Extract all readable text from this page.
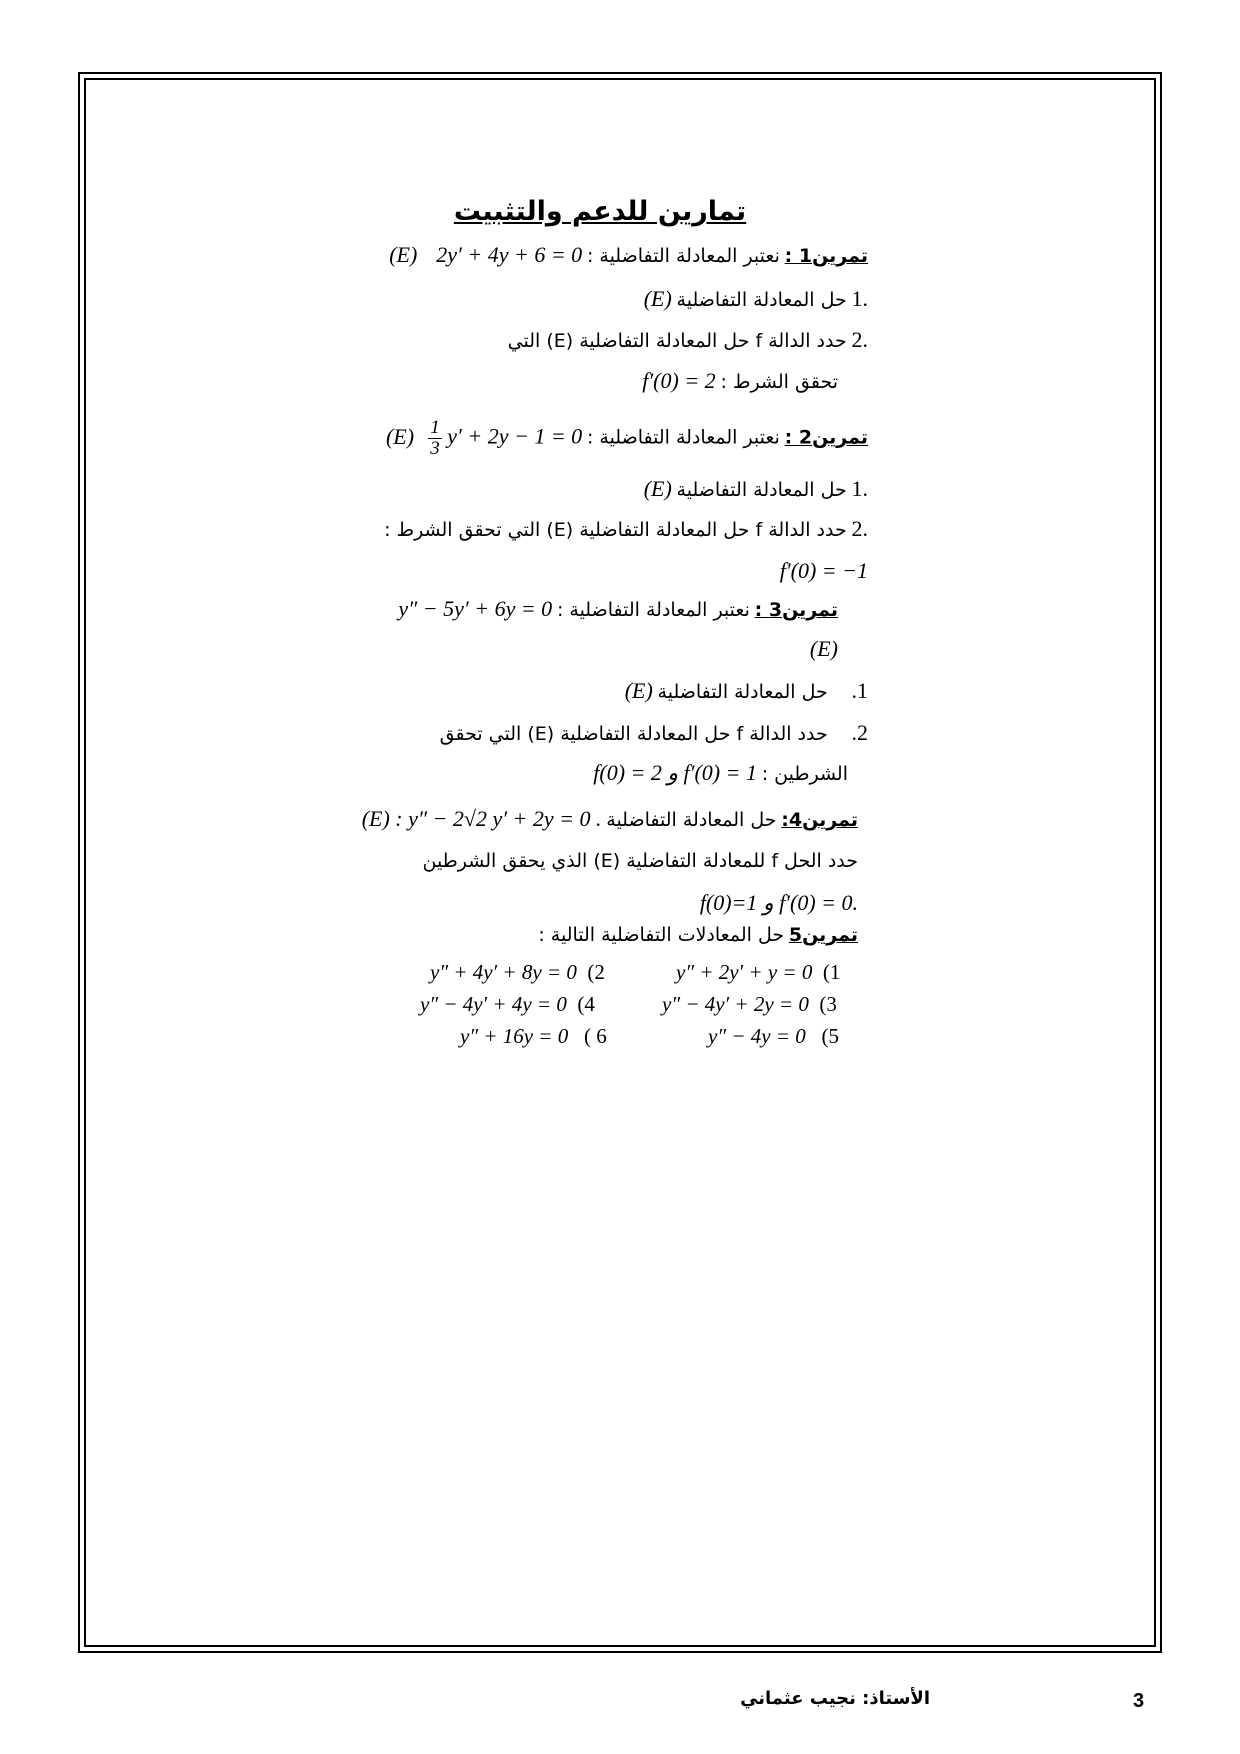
تمارين للدعم والتثبيت
تمرين1 : نعتبر المعادلة التفاضلية : 2y′ + 4y + 6 = 0    (E)
1. حل المعادلة التفاضلية (E)
2. حدد الدالة f حل المعادلة التفاضلية (E) التي
تحقق الشرط : f′(0) = 2
تمرين2 : نعتبر المعادلة التفاضلية :
$\frac{1}{3} y' + 2y - 1 = 0$   (E)
1. حل المعادلة التفاضلية (E)
2. حدد الدالة f حل المعادلة التفاضلية (E) التي تحقق الشرط :
f′(0) = −1
تمرين3 : نعتبر المعادلة التفاضلية : y″ − 5y′ + 6y = 0
(E)
.1     حل المعادلة التفاضلية (E)
.2     حدد الدالة f حل المعادلة التفاضلية (E) التي تحقق
الشرطين : f(0) = 2 و f′(0) = 1
تمرين4: حل المعادلة التفاضلية (E) : y″ − 2√2 y′ + 2y = 0 .
حدد الحل f للمعادلة التفاضلية (E) الذي يحقق الشرطين
f(0)=1 و f′(0) = 0.
تمرين5 حل المعادلات التفاضلية التالية :
y″ + 2y′ + y = 0 (1
y″ + 4y′ + 8y = 0 (2
y″ − 4y′ + 2y = 0 (3
y″ − 4y′ + 4y = 0 (4
y″ − 4y = 0 (5
y″ + 16y = 0 ( 6
3
الأستاذ: نجيب عثماني
